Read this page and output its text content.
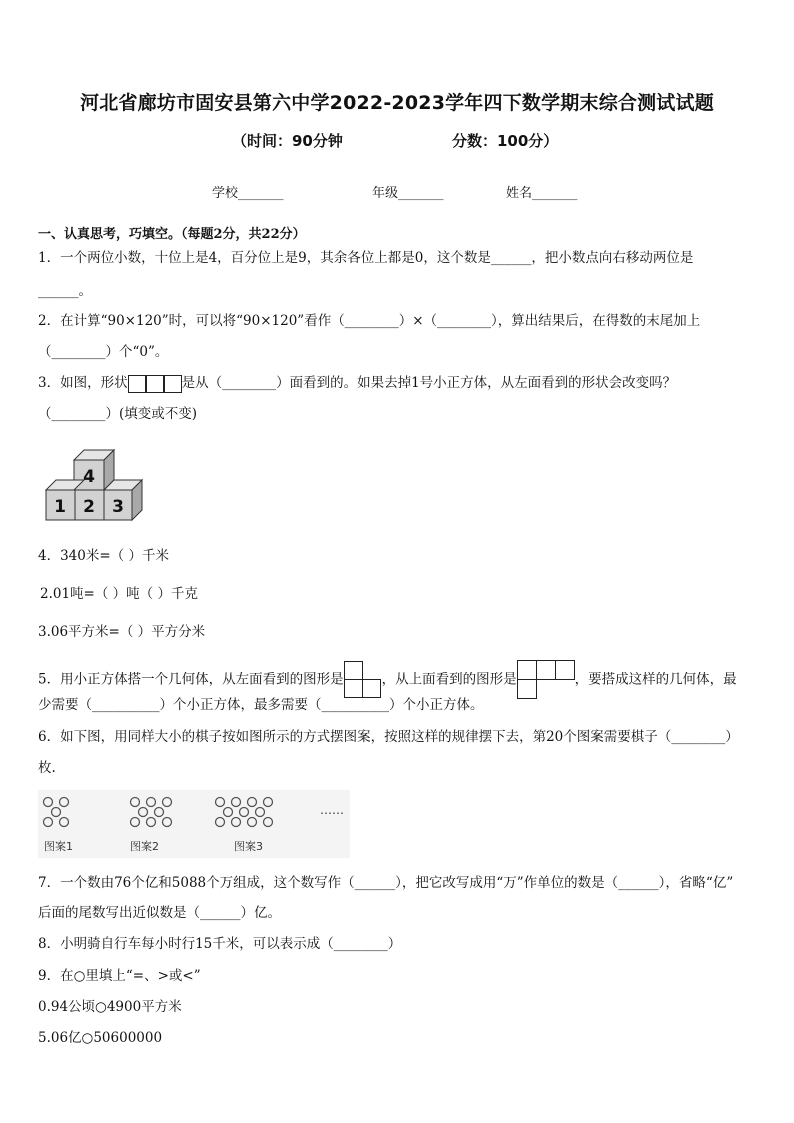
河北省廊坊市固安县第六中学2022-2023学年四下数学期末综合测试试题
（时间：90分钟	分数：100分）
学校_______	年级_______	姓名_______
一、认真思考，巧填空。（每题2分，共22分）
1．一个两位小数，十位上是4，百分位上是9，其余各位上都是0，这个数是______，把小数点向右移动两位是
______。
2．在计算“90×120”时，可以将“90×120”看作（________）×（________），算出结果后，在得数的末尾加上
（________）个“0”。
3．如图，形状	是从（________）面看到的。如果去掉1号小正方体，从左面看到的形状会改变吗？
（________）(填变或不变)
4
1 2 3
4．340米=（ ）千米
2.01吨=（ ）吨（ ）千克
3.06平方米=（ ）平方分米
5．用小正方体搭一个几何体，从左面看到的图形是	，从上面看到的图形是	，要搭成这样的几何体，最
少需要（__________）个小正方体，最多需要（__________）个小正方体。
6．如下图，用同样大小的棋子按如图所示的方式摆图案，按照这样的规律摆下去，第20个图案需要棋子（________）
枚.
……
图案1	图案2	图案3
7．一个数由76个亿和5088个万组成，这个数写作（______），把它改写成用“万”作单位的数是（______），省略“亿”
后面的尾数写出近似数是（______）亿。
8．小明骑自行车每小时行15千米，可以表示成（________）
9．在○里填上“=、>或<”
0.94公顷○4900平方米
5.06亿○50600000
